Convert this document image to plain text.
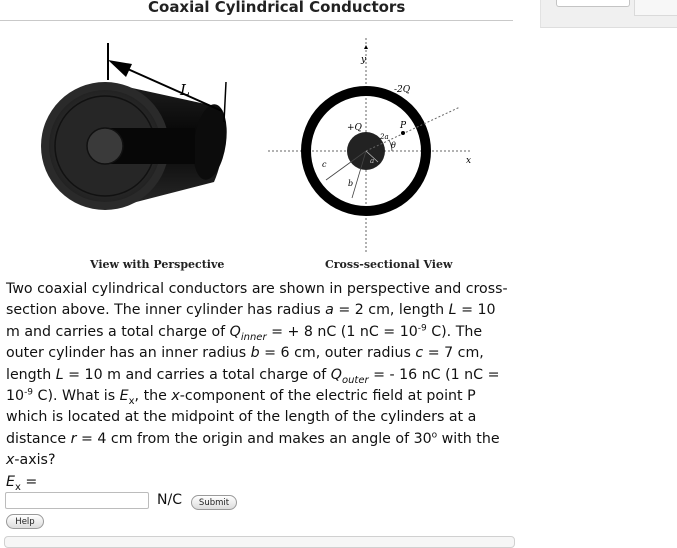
Coaxial Cylindrical Conductors
L
y
x
-2Q
+Q
2a
P
θ
a
b
c
View with Perspective	Cross-sectional View
Two coaxial cylindrical conductors are shown in perspective and cross-section above. The inner cylinder has radius a = 2 cm, length L = 10 m and carries a total charge of $Q_{inner}$ = + 8 nC (1 nC = $10^{-9}$ C). The outer cylinder has an inner radius b = 6 cm, outer radius c = 7 cm, length L = 10 m and carries a total charge of $Q_{outer}$ = - 16 nC (1 nC = $10^{-9}$ C). What is $E_x$, the x-component of the electric field at point P which is located at the midpoint of the length of the cylinders at a distance r = 4 cm from the origin and makes an angle of 30$^o$ with the x-axis?
$E_x$ =
N/C	Submit
Help
